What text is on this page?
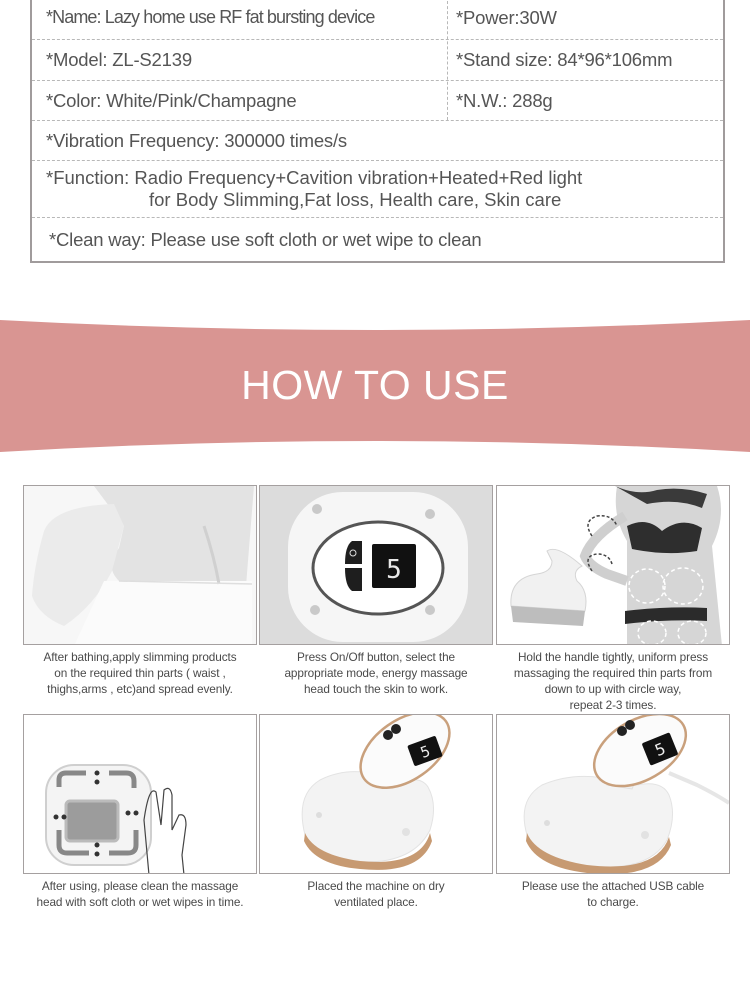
*Name: Lazy home use RF fat bursting device	*Power:30W
*Model: ZL-S2139	*Stand size: 84*96*106mm
*Color: White/Pink/Champagne	*N.W.: 288g
*Vibration Frequency: 300000 times/s
*Function: Radio Frequency+Cavition vibration+Heated+Red light
for Body Slimming,Fat loss, Health care, Skin care
*Clean way: Please use soft cloth or wet wipe to clean
HOW TO USE
After bathing,apply slimming products
on the required thin parts ( waist ,
thighs,arms , etc)and spread evenly.
5
Press On/Off button, select the
appropriate mode, energy massage
head touch the skin to work.
Hold the handle tightly, uniform press
massaging the required thin parts from
down to up with circle way,
repeat 2-3 times.
After using, please clean the massage
head with soft cloth or wet wipes in time.
5
Placed the machine on dry
ventilated place.
5
Please use the attached USB cable
to charge.
